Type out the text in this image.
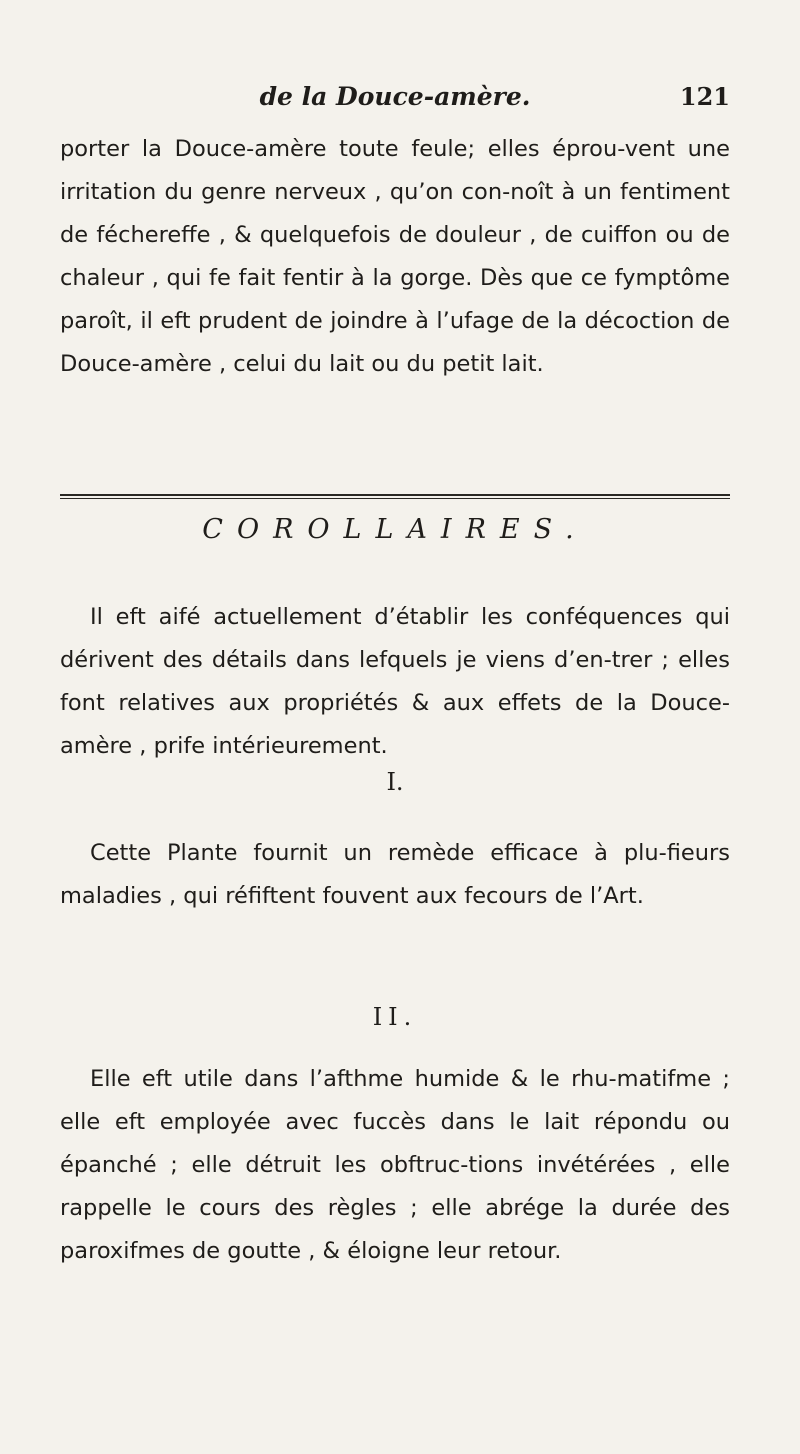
de la Douce-amère.	121

porter la Douce-amère toute feule; elles éprou-vent une irritation du genre nerveux , qu’on con-noît à un fentiment de féchereffe , & quelquefois de douleur , de cuiffon ou de chaleur , qui fe fait fentir à la gorge. Dès que ce fymptôme paroît, il eft prudent de joindre à l’ufage de la décoction de Douce-amère , celui du lait ou du petit lait.

COROLLAIRES.

Il eft aifé actuellement d’établir les conféquences qui dérivent des détails dans lefquels je viens d’en-trer ; elles font relatives aux propriétés & aux effets de la Douce-amère , prife intérieurement.

I.

Cette Plante fournit un remède efficace à plu-fieurs maladies , qui réfiftent fouvent aux fecours de l’Art.

II.

Elle eft utile dans l’afthme humide & le rhu-matifme ; elle eft employée avec fuccès dans le lait répondu ou épanché ; elle détruit les obftruc-tions invétérées , elle rappelle le cours des règles ; elle abrége la durée des paroxifmes de goutte , & éloigne leur retour.
